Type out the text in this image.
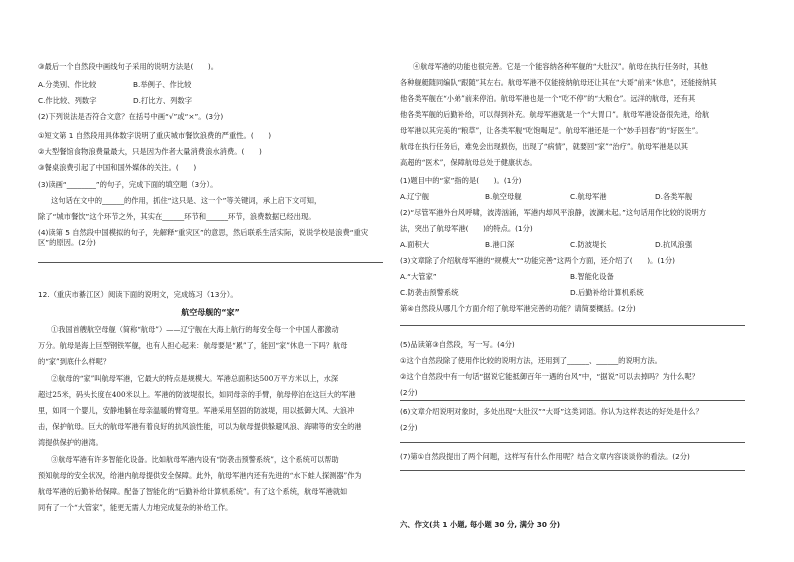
③最后一个自然段中画线句子采用的说明方法是(　　)。
A.分类别、作比较	B.举例子、作比较
C.作比较、列数字	D.打比方、列数字
(2)下列说法是否符合文意？在括号中画“√”或“×”。(3分)
①短文第 1 自然段用具体数字说明了重庆城市餐饮浪费的严重性。(　　)
②大型餐馆食物浪费量最大，只是因为作者大量消费浪水消费。(　　)
③餐桌浪费引起了中国和国外媒体的关注。(　　)
(3)读画“________”的句子，完成下面的填空题（3分）。
这句话在文中的______的作用，抓住“这只是、这一个”等关键词，承上启下文可知，
除了“城市餐饮”这个环节之外，其实在______环节和______环节，浪费数据已经出现。
(4)读第 5 自然段中国模拟的句子，先解释“重灾区”的意思，然后联系生活实际，说说学校是浪费“重灾区”的原因。(2分)
12.（重庆市綦江区）阅读下面的说明文，完成练习（13分）。
航空母舰的“家”
①我国首艘航空母舰（简称“航母”）——辽宁舰在大海上航行的每安全每一个中国人都激动
万分。航母是海上巨型钢铁军舰，也有人担心起来：航母要是“累”了，能回“家”休息一下吗？航母
的“家”到底什么样呢？
②航母的“家”叫航母军港，它最大的特点是规模大。军港总面积达500万平方米以上，水深
超过25米，码头长度在400米以上。军港的防波堤很长，如同母亲的手臂，航母停泊在这巨大的军港
里，如同一个婴儿，安静地躺在母亲温暖的臂弯里。军港采用坚固的防波堤，用以抵御大风、大浪冲
击，保护航母。巨大的航母军港有着良好的抗风浪性能，可以为航母提供躲避风浪、海啸等的安全的港
湾提供保护的港湾。
③航母军港有许多智能化设备。比如航母军港内设有“防袭击预警系统”，这个系统可以帮助
预知航母的安全状况，给港内航母提供安全保障。此外，航母军港内还有先进的“水下蛙人探测器”作为
航母军港的后勤补给保障。配备了智能化的“后勤补给计算机系统”。有了这个系统，航母军港就如
同有了一个“大管家”，能更无需人力地完成复杂的补给工作。
④航母军港的功能也很完善。它是一个能容纳各种军舰的“大肚汉”。航母在执行任务时，其他
各种舰艇随同编队“跟随”其左右。航母军港不仅能接纳航母还让其在“大哥”前来“休息”，还能接纳其
他各类军舰在“小弟”前来停泊。航母军港也是一个“吃不停”的“大粮仓”。远洋的航母，还有其
他各类军舰的后勤补给，可以得到补充。航母军港就是一个“大胃口”。航母军港设备很先进，给航
母军港以其完美的“粮草”，让各类军舰“吃饱喝足”。航母军港还是一个“妙手回春”的“好医生”。
航母在执行任务后，难免会出现损伤，出现了“病情”，就要回“家”“治疗”。航母军港是以其
高超的“医术”，保障航母总处于健康状态。
(1)题目中的“家”指的是(　　)。(1分)
A.辽宁舰	B.航空母舰	C.航母军港	D.各类军舰
(2)“尽管军港外台风呼啸，波涛汹涌，军港内却风平浪静，波澜未起。”这句话用作比较的说明方
法，突出了航母军港(　　)的特点。(1分)
A.面积大	B.港口深	C.防波堤长	D.抗风浪强
(3)文章除了介绍航母军港的“规模大”“功能完善”这两个方面，还介绍了(　　)。(1分)
A.“大管家”	B.智能化设备
C.防袭击预警系统	D.后勤补给计算机系统
第④自然段从哪几个方面介绍了航母军港完善的功能？请简要概括。(2分)
(5)品读第③自然段，写一写。(4分)
①这个自然段除了使用作比较的说明方法，还用到了______、______的说明方法。
②这个自然段中有一句话“据说它能抵御百年一遇的台风”中，“据说”可以去掉吗？为什么呢？
(2分)
(6)文章介绍说明对象时，多处出现“大肚汉”“大哥”这类词语。你认为这样表达的好处是什么？
(2分)
(7)第①自然段提出了两个问题，这样写有什么作用呢？结合文章内容谈谈你的看法。(2分)
六、作文(共 1 小题, 每小题 30 分, 满分 30 分)
